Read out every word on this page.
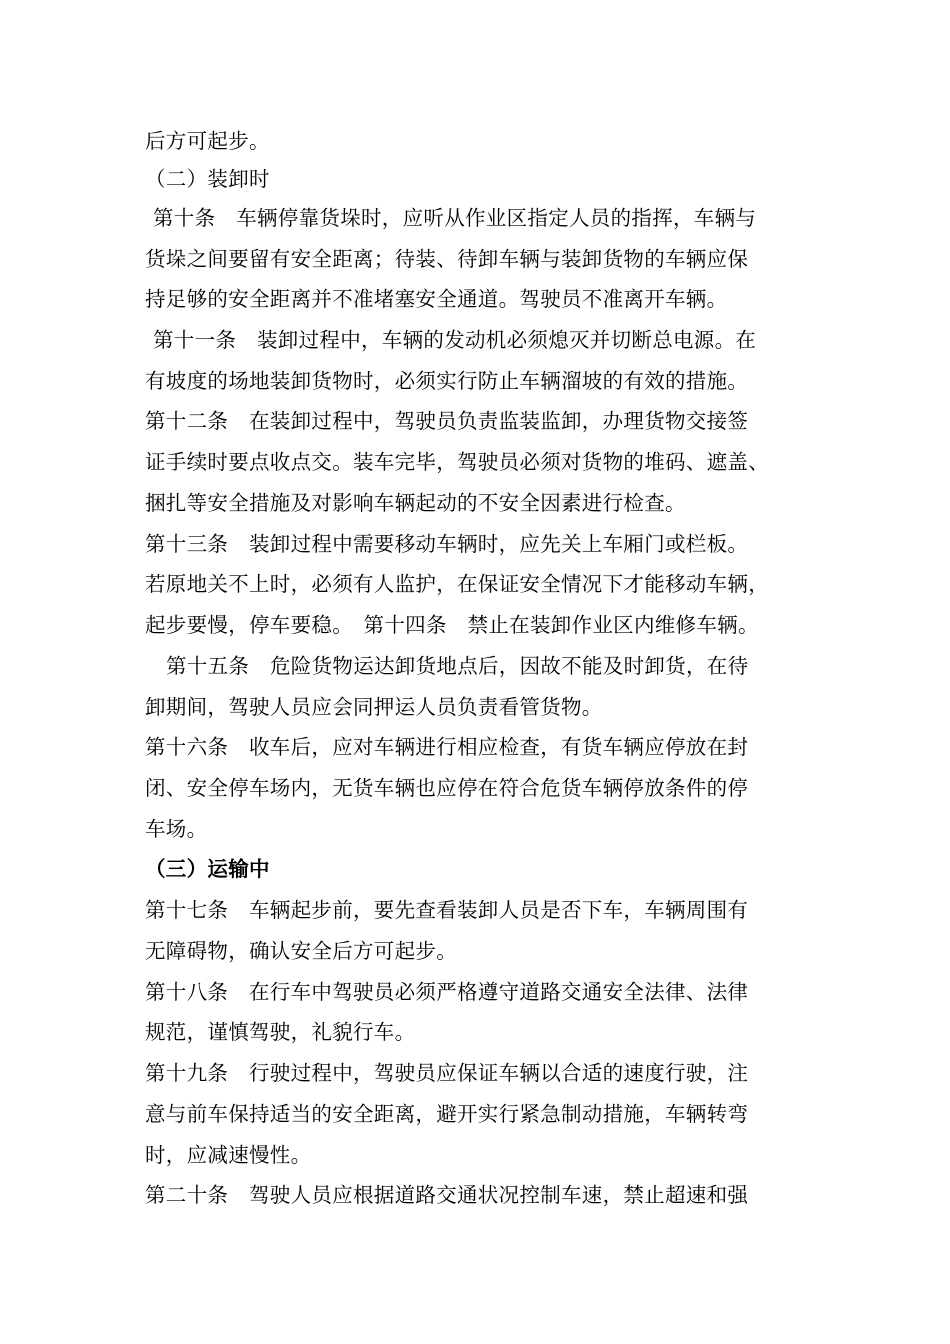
后方可起步。
（二）装卸时
第十条　车辆停靠货垛时，应听从作业区指定人员的指挥，车辆与
货垛之间要留有安全距离；待装、待卸车辆与装卸货物的车辆应保
持足够的安全距离并不准堵塞安全通道。驾驶员不准离开车辆。
第十一条　装卸过程中，车辆的发动机必须熄灭并切断总电源。在
有坡度的场地装卸货物时，必须实行防止车辆溜坡的有效的措施。
第十二条　在装卸过程中，驾驶员负责监装监卸，办理货物交接签
证手续时要点收点交。装车完毕，驾驶员必须对货物的堆码、遮盖、
捆扎等安全措施及对影响车辆起动的不安全因素进行检查。
第十三条　装卸过程中需要移动车辆时，应先关上车厢门或栏板。
若原地关不上时，必须有人监护，在保证安全情况下才能移动车辆，
起步要慢，停车要稳。　第十四条　禁止在装卸作业区内维修车辆。
第十五条　危险货物运达卸货地点后，因故不能及时卸货，在待
卸期间，驾驶人员应会同押运人员负责看管货物。
第十六条　收车后，应对车辆进行相应检查，有货车辆应停放在封
闭、安全停车场内，无货车辆也应停在符合危货车辆停放条件的停
车场。
（三）运输中
第十七条　车辆起步前，要先查看装卸人员是否下车，车辆周围有
无障碍物，确认安全后方可起步。
第十八条　在行车中驾驶员必须严格遵守道路交通安全法律、法律
规范，谨慎驾驶，礼貌行车。
第十九条　行驶过程中，驾驶员应保证车辆以合适的速度行驶，注
意与前车保持适当的安全距离，避开实行紧急制动措施，车辆转弯
时，应减速慢性。
第二十条　驾驶人员应根据道路交通状况控制车速，禁止超速和强
